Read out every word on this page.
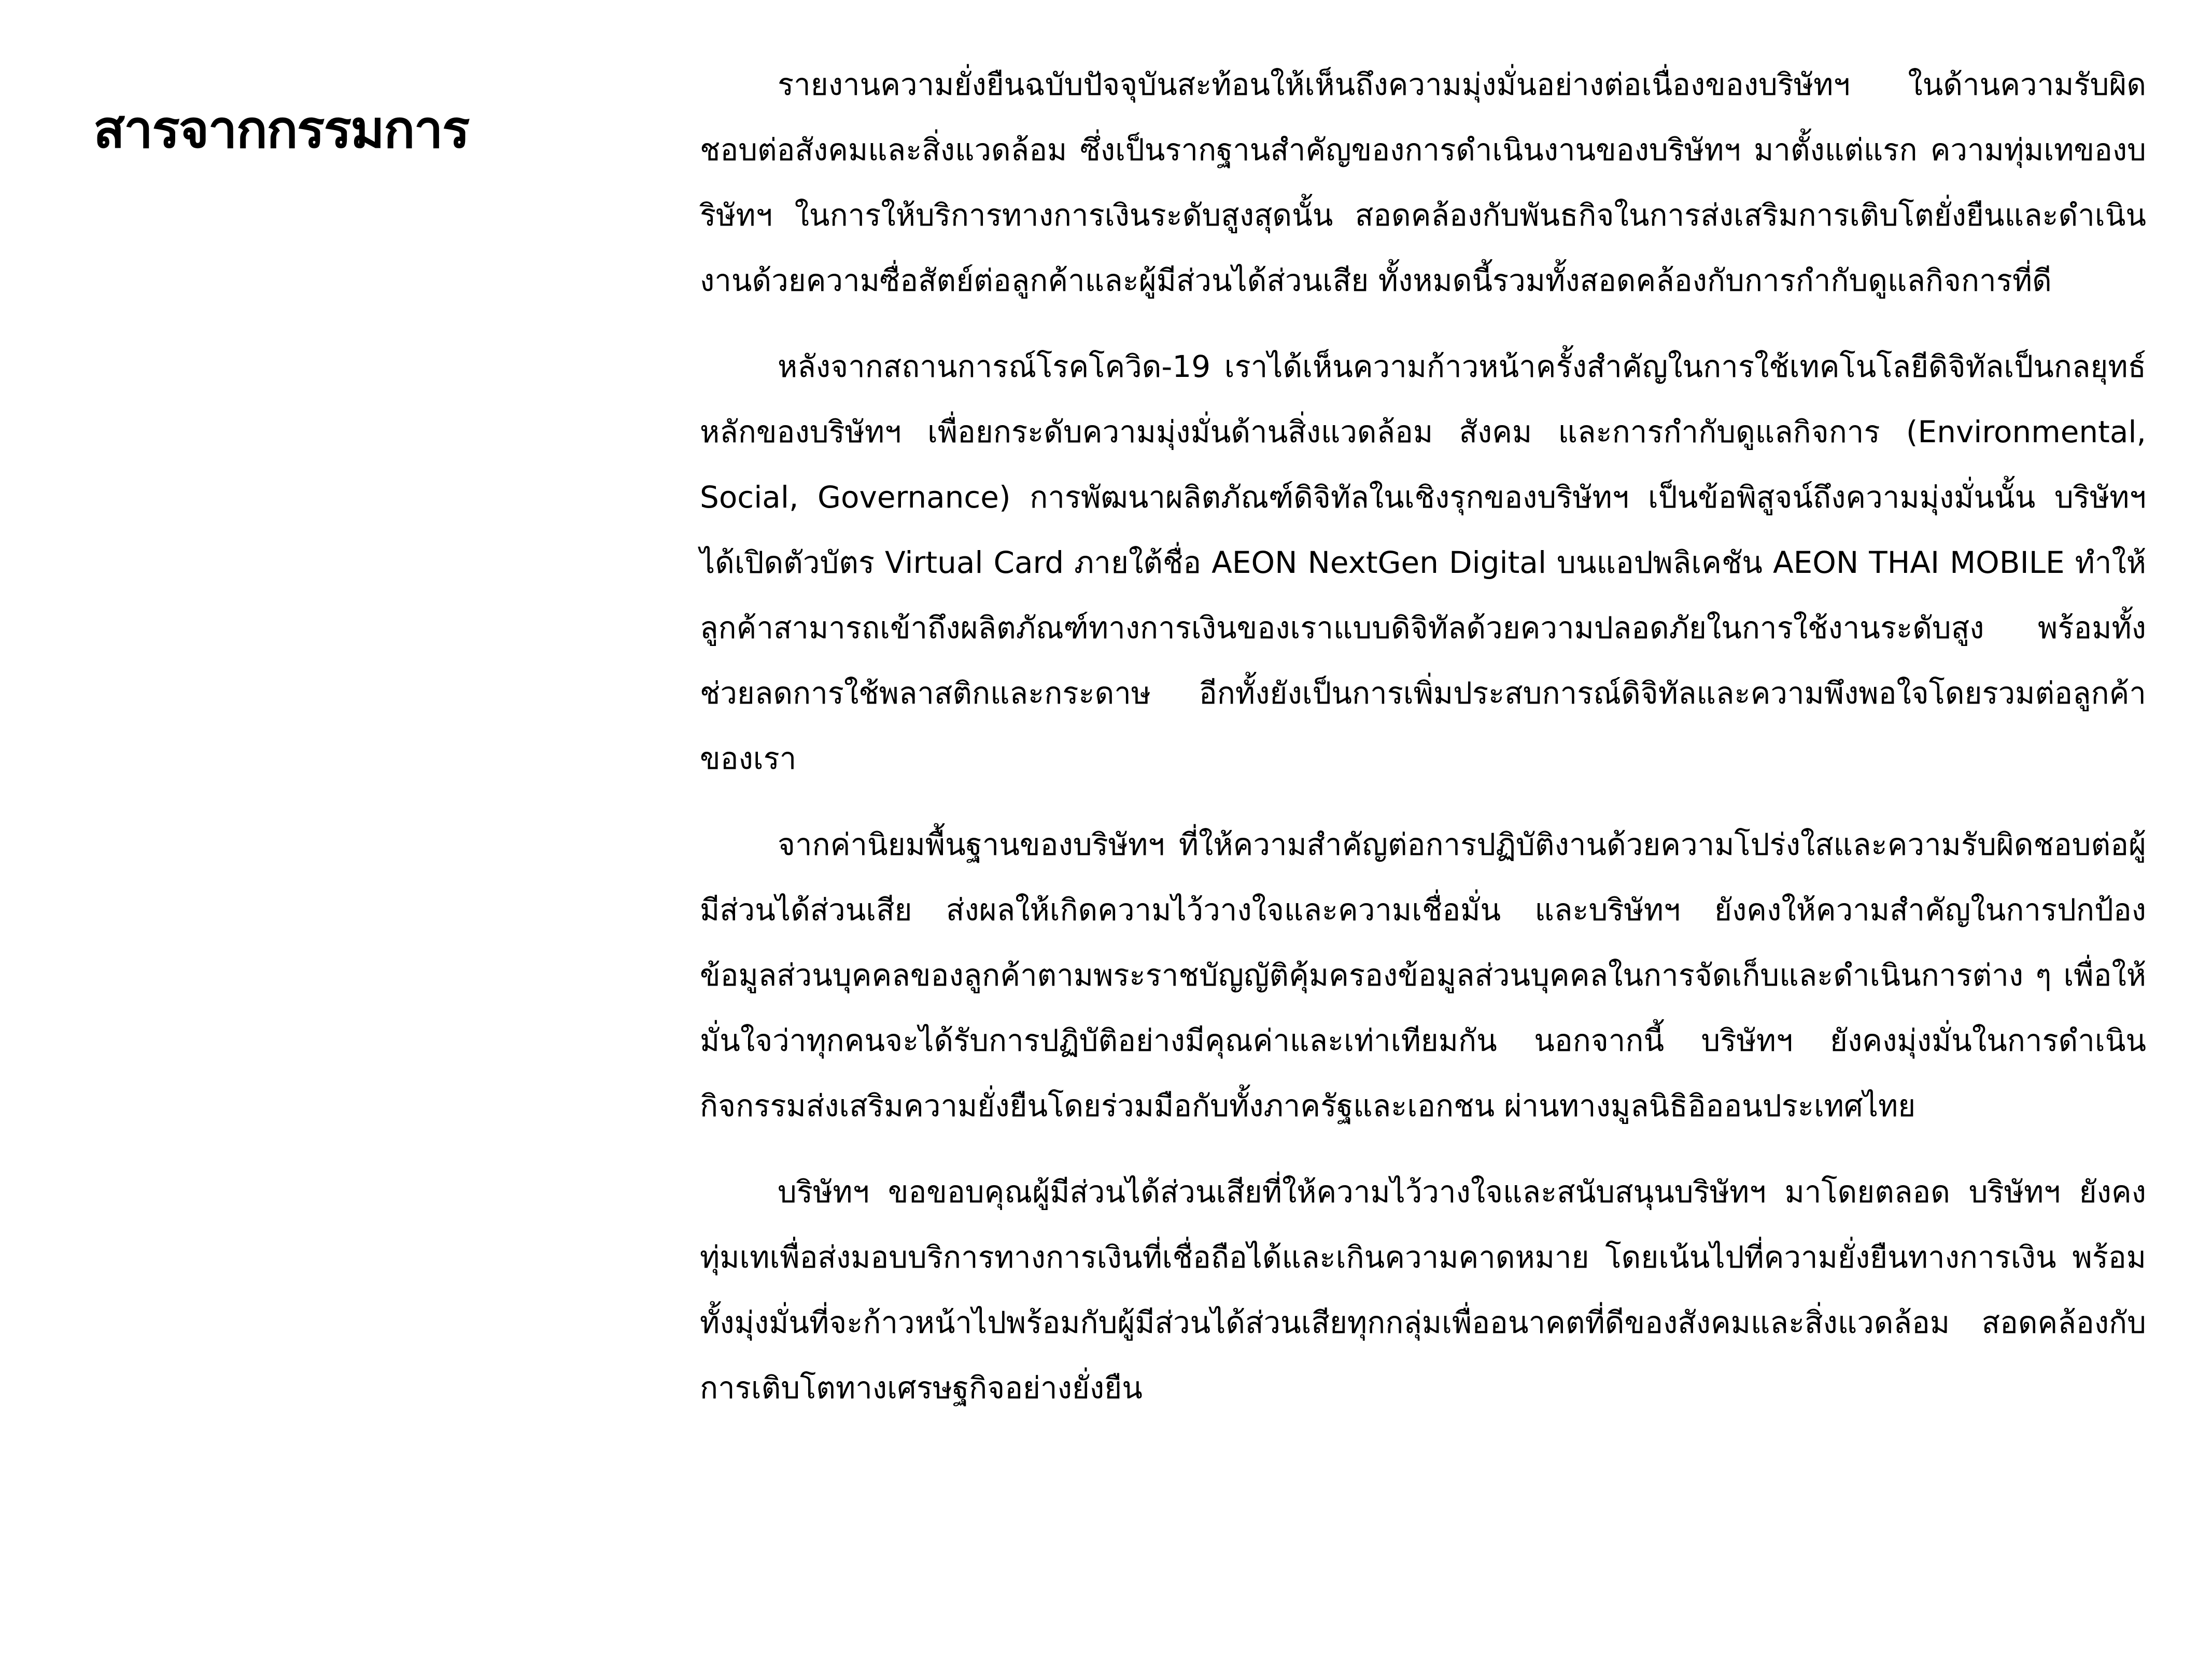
สารจากกรรมการ

รายงานความยั่งยืนฉบับปัจจุบันสะท้อนให้เห็นถึงความมุ่งมั่นอย่างต่อเนื่องของบริษัทฯ ในด้านความรับผิดชอบต่อสังคมและสิ่งแวดล้อม ซึ่งเป็นรากฐานสำคัญของการดำเนินงานของบริษัทฯ มาตั้งแต่แรก ความทุ่มเทของบริษัทฯ ในการให้บริการทางการเงินระดับสูงสุดนั้น สอดคล้องกับพันธกิจในการส่งเสริมการเติบโตยั่งยืนและดำเนินงานด้วยความซื่อสัตย์ต่อลูกค้าและผู้มีส่วนได้ส่วนเสีย ทั้งหมดนี้รวมทั้งสอดคล้องกับการกำกับดูแลกิจการที่ดี

หลังจากสถานการณ์โรคโควิด-19 เราได้เห็นความก้าวหน้าครั้งสำคัญในการใช้เทคโนโลยีดิจิทัลเป็นกลยุทธ์หลักของบริษัทฯ เพื่อยกระดับความมุ่งมั่นด้านสิ่งแวดล้อม สังคม และการกำกับดูแลกิจการ (Environmental, Social, Governance) การพัฒนาผลิตภัณฑ์ดิจิทัลในเชิงรุกของบริษัทฯ เป็นข้อพิสูจน์ถึงความมุ่งมั่นนั้น บริษัทฯ ได้เปิดตัวบัตร Virtual Card ภายใต้ชื่อ AEON NextGen Digital บนแอปพลิเคชัน AEON THAI MOBILE ทำให้ลูกค้าสามารถเข้าถึงผลิตภัณฑ์ทางการเงินของเราแบบดิจิทัลด้วยความปลอดภัยในการใช้งานระดับสูง พร้อมทั้งช่วยลดการใช้พลาสติกและกระดาษ อีกทั้งยังเป็นการเพิ่มประสบการณ์ดิจิทัลและความพึงพอใจโดยรวมต่อลูกค้าของเรา

จากค่านิยมพื้นฐานของบริษัทฯ ที่ให้ความสำคัญต่อการปฏิบัติงานด้วยความโปร่งใสและความรับผิดชอบต่อผู้มีส่วนได้ส่วนเสีย ส่งผลให้เกิดความไว้วางใจและความเชื่อมั่น และบริษัทฯ ยังคงให้ความสำคัญในการปกป้องข้อมูลส่วนบุคคลของลูกค้าตามพระราชบัญญัติคุ้มครองข้อมูลส่วนบุคคลในการจัดเก็บและดำเนินการต่าง ๆ เพื่อให้มั่นใจว่าทุกคนจะได้รับการปฏิบัติอย่างมีคุณค่าและเท่าเทียมกัน นอกจากนี้ บริษัทฯ ยังคงมุ่งมั่นในการดำเนินกิจกรรมส่งเสริมความยั่งยืนโดยร่วมมือกับทั้งภาครัฐและเอกชน ผ่านทางมูลนิธิอิออนประเทศไทย

บริษัทฯ ขอขอบคุณผู้มีส่วนได้ส่วนเสียที่ให้ความไว้วางใจและสนับสนุนบริษัทฯ มาโดยตลอด บริษัทฯ ยังคงทุ่มเทเพื่อส่งมอบบริการทางการเงินที่เชื่อถือได้และเกินความคาดหมาย โดยเน้นไปที่ความยั่งยืนทางการเงิน พร้อมทั้งมุ่งมั่นที่จะก้าวหน้าไปพร้อมกับผู้มีส่วนได้ส่วนเสียทุกกลุ่มเพื่ออนาคตที่ดีของสังคมและสิ่งแวดล้อม สอดคล้องกับการเติบโตทางเศรษฐกิจอย่างยั่งยืน
